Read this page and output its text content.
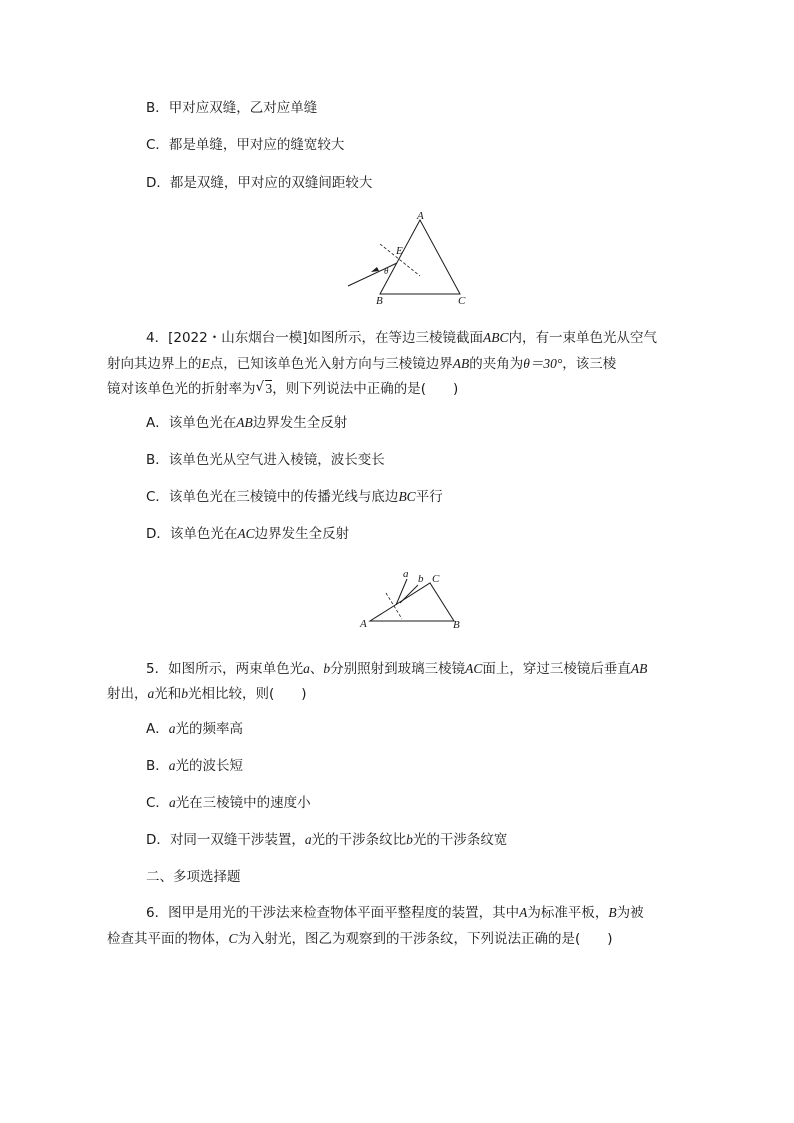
B．甲对应双缝，乙对应单缝
C．都是单缝，甲对应的缝宽较大
D．都是双缝，甲对应的双缝间距较大
A
E
θ
B	C
4．[2022・山东烟台一模]如图所示，在等边三棱镜截面ABC内，有一束单色光从空气
射向其边界上的E点，已知该单色光入射方向与三棱镜边界AB的夹角为θ＝30°，该三棱
镜对该单色光的折射率为 √ 3，则下列说法中正确的是(　　)
A．该单色光在AB边界发生全反射
B．该单色光从空气进入棱镜，波长变长
C．该单色光在三棱镜中的传播光线与底边BC平行
D．该单色光在AC边界发生全反射
a b C
A	B
5．如图所示，两束单色光a、b分别照射到玻璃三棱镜AC面上，穿过三棱镜后垂直AB
射出，a光和b光相比较，则(　　)
A．a光的频率高
B．a光的波长短
C．a光在三棱镜中的速度小
D．对同一双缝干涉装置，a光的干涉条纹比b光的干涉条纹宽
二、多项选择题
6．图甲是用光的干涉法来检查物体平面平整程度的装置，其中A为标准平板，B为被
检查其平面的物体，C为入射光，图乙为观察到的干涉条纹，下列说法正确的是(　　)
